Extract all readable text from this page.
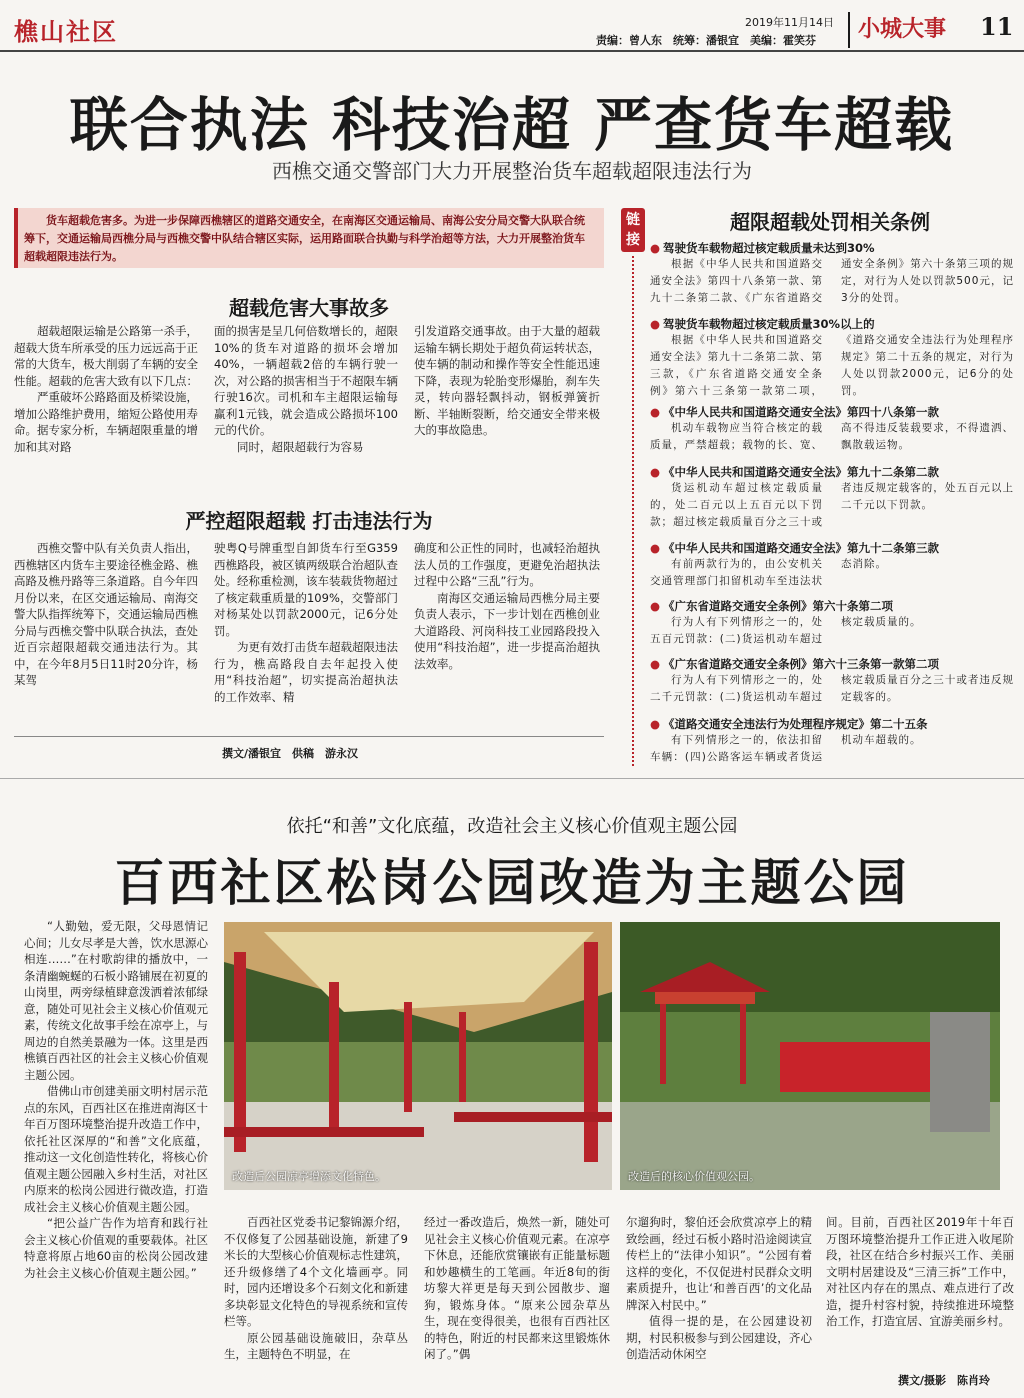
樵山社区	2019年11月14日
责编：曾人东　统筹：潘银宜　美编：霍笑芬 小城大事 11
联合执法 科技治超 严查货车超载
西樵交通交警部门大力开展整治货车超载超限违法行为
货车超载危害多。为进一步保障西樵辖区的道路交通安全，在南海区交通运输局、南海公安分局交警大队联合统筹下，交通运输局西樵分局与西樵交警中队结合辖区实际，运用路面联合执勤与科学治超等方法，大力开展整治货车超载超限违法行为。
超载危害大事故多

超载超限运输是公路第一杀手，超载大货车所承受的压力远远高于正常的大货车，极大削弱了车辆的安全性能。超载的危害大致有以下几点：

严重破坏公路路面及桥梁设施，增加公路维护费用，缩短公路使用寿命。据专家分析，车辆超限重量的增加和其对路

面的损害是呈几何倍数增长的，超限10%的货车对道路的损坏会增加40%，一辆超载2倍的车辆行驶一次，对公路的损害相当于不超限车辆行驶16次。司机和车主超限运输每赢利1元钱，就会造成公路损坏100元的代价。

同时，超限超载行为容易

引发道路交通事故。由于大量的超载运输车辆长期处于超负荷运转状态，使车辆的制动和操作等安全性能迅速下降，表现为轮胎变形爆胎，刹车失灵，转向器轻飘抖动，钢板弹簧折断、半轴断裂断，给交通安全带来极大的事故隐患。

严控超限超载 打击违法行为

西樵交警中队有关负责人指出，西樵辖区内货车主要途径樵金路、樵高路及樵丹路等三条道路。自今年四月份以来，在区交通运输局、南海交警大队指挥统筹下，交通运输局西樵分局与西樵交警中队联合执法，查处近百宗超限超载交通违法行为。其中，在今年8月5日11时20分许，杨某驾

驶粤Q号牌重型自卸货车行至G359西樵路段，被区镇两级联合治超队查处。经称重检测，该车装载货物超过了核定载重质量的109%，交警部门对杨某处以罚款2000元，记6分处罚。

为更有效打击货车超载超限违法行为，樵高路段自去年起投入使用“科技治超”，切实提高治超执法的工作效率、精

确度和公正性的同时，也减轻治超执法人员的工作强度，更避免治超执法过程中公路“三乱”行为。

南海区交通运输局西樵分局主要负责人表示，下一步计划在西樵创业大道路段、河岗科技工业园路段投入使用“科技治超”，进一步提高治超执法效率。

撰文/潘银宜　供稿　游永汉
链接
超限超载处罚相关条例
● 驾驶货车载物超过核定载质量未达到30%
根据《中华人民共和国道路交通安全法》第四十八条第一款、第九十二条第二款、《广东省道路交通安全条例》第六十条第三项的规定，对行为人处以罚款500元，记3分的处罚。
● 驾驶货车载物超过核定载质量30%以上的
根据《中华人民共和国道路交通安全法》第九十二条第二款、第三款，《广东省道路交通安全条例》第六十三条第一款第二项，《道路交通安全违法行为处理程序规定》第二十五条的规定，对行为人处以罚款2000元，记6分的处罚。
● 《中华人民共和国道路交通安全法》第四十八条第一款
机动车载物应当符合核定的载质量，严禁超载；载物的长、宽、高不得违反装载要求，不得遗洒、飘散载运物。
● 《中华人民共和国道路交通安全法》第九十二条第二款
货运机动车超过核定载质量的，处二百元以上五百元以下罚款；超过核定载质量百分之三十或者违反规定载客的，处五百元以上二千元以下罚款。
● 《中华人民共和国道路交通安全法》第九十二条第三款
有前两款行为的，由公安机关交通管理部门扣留机动车至违法状态消除。
● 《广东省道路交通安全条例》第六十条第二项
行为人有下列情形之一的，处五百元罚款：(二)货运机动车超过核定载质量的。
● 《广东省道路交通安全条例》第六十三条第一款第二项
行为人有下列情形之一的，处二千元罚款：(二)货运机动车超过核定载质量百分之三十或者违反规定载客的。
● 《道路交通安全违法行为处理程序规定》第二十五条
有下列情形之一的，依法扣留车辆：(四)公路客运车辆或者货运机动车超载的。
依托“和善”文化底蕴，改造社会主义核心价值观主题公园
百西社区松岗公园改造为主题公园

“人勤勉，爱无限，父母恩情记心间；儿女尽孝是大善，饮水思源心相连……”在村歌韵律的播放中，一条清幽蜿蜒的石板小路铺展在初夏的山岗里，两旁绿植肆意泼洒着浓郁绿意，随处可见社会主义核心价值观元素，传统文化故事手绘在凉亭上，与周边的自然美景融为一体。这里是西樵镇百西社区的社会主义核心价值观主题公园。

借佛山市创建美丽文明村居示范点的东风，百西社区在推进南海区十年百万图环境整治提升改造工作中，依托社区深厚的“和善”文化底蕴，推动这一文化创造性转化，将核心价值观主题公园融入乡村生活，对社区内原来的松岗公园进行微改造，打造成社会主义核心价值观主题公园。

“把公益广告作为培育和践行社会主义核心价值观的重要载体。社区特意将原占地60亩的松岗公园改建为社会主义核心价值观主题公园。”

改造后公园凉亭增添文化特色。	改造后的核心价值观公园。

百西社区党委书记黎锦源介绍，不仅修复了公园基础设施，新建了9米长的大型核心价值观标志性建筑，还升级修缮了4个文化墙画亭。同时，园内还增设多个石刻文化和新建多块彰显文化特色的导视系统和宣传栏等。

原公园基础设施破旧，杂草丛生，主题特色不明显，在

经过一番改造后，焕然一新，随处可见社会主义核心价值观元素。在凉亭下休息，还能欣赏镶嵌有正能量标题和妙趣横生的工笔画。年近8旬的街坊黎大祥更是每天到公园散步、遛狗，锻炼身体。“原来公园杂草丛生，现在变得很美，也很有百西社区的特色，附近的村民都来这里锻炼休闲了。”偶

尔遛狗时，黎伯还会欣赏凉亭上的精致绘画，经过石板小路时沿途阅读宣传栏上的“法律小知识”。“公园有着这样的变化，不仅促进村民群众文明素质提升，也让‘和善百西’的文化品牌深入村民中。”

值得一提的是，在公园建设初期，村民积极参与到公园建设，齐心创造活动休闲空

间。目前，百西社区2019年十年百万图环境整治提升工作正进入收尾阶段，社区在结合乡村振兴工作、美丽文明村居建设及“三清三拆”工作中，对社区内存在的黑点、难点进行了改造，提升村容村貌，持续推进环境整治工作，打造宜居、宜游美丽乡村。

撰文/摄影　陈肖玲
